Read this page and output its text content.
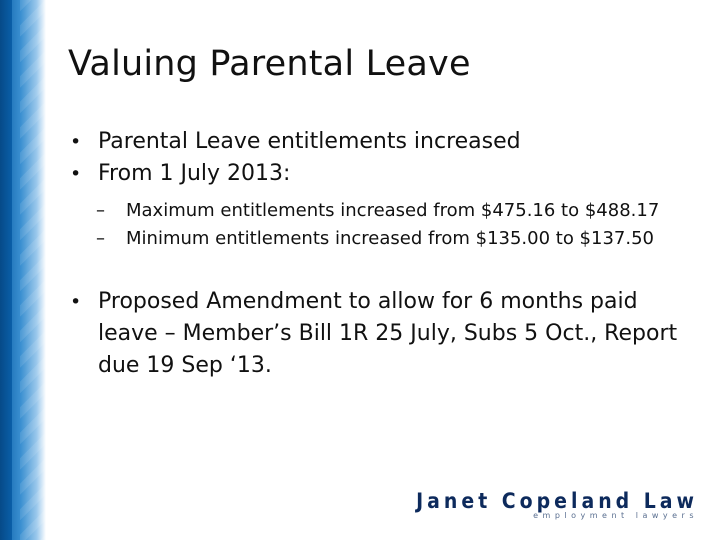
Valuing Parental Leave
• Parental Leave entitlements increased
• From 1 July 2013:
– Maximum entitlements increased from $475.16 to $488.17
– Minimum entitlements increased from $135.00 to $137.50
• Proposed Amendment to allow for 6 months paid leave – Member’s Bill 1R 25 July, Subs 5 Oct., Report due 19 Sep ‘13.
Janet Copeland Law
employment lawyers
